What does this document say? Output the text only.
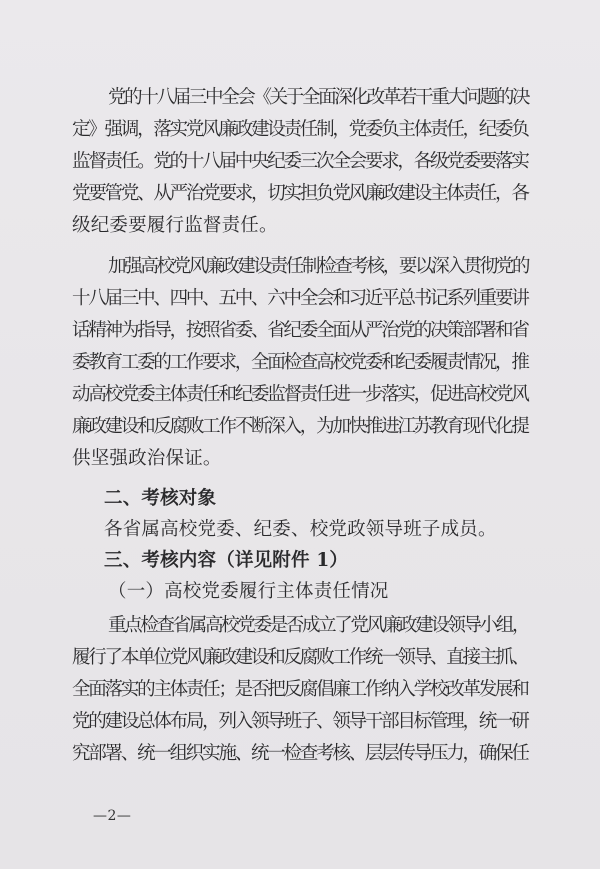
党的十八届三中全会《关于全面深化改革若干重大问题的决
定》强调，落实党风廉政建设责任制，党委负主体责任，纪委负
监督责任。党的十八届中央纪委三次全会要求，各级党委要落实
党要管党、从严治党要求，切实担负党风廉政建设主体责任，各
级纪委要履行监督责任。
加强高校党风廉政建设责任制检查考核，要以深入贯彻党的
十八届三中、四中、五中、六中全会和习近平总书记系列重要讲
话精神为指导，按照省委、省纪委全面从严治党的决策部署和省
委教育工委的工作要求，全面检查高校党委和纪委履责情况，推
动高校党委主体责任和纪委监督责任进一步落实，促进高校党风
廉政建设和反腐败工作不断深入，为加快推进江苏教育现代化提
供坚强政治保证。
二、考核对象
各省属高校党委、纪委、校党政领导班子成员。
三、考核内容（详见附件 1）
（一）高校党委履行主体责任情况
重点检查省属高校党委是否成立了党风廉政建设领导小组，
履行了本单位党风廉政建设和反腐败工作统一领导、直接主抓、
全面落实的主体责任；是否把反腐倡廉工作纳入学校改革发展和
党的建设总体布局，列入领导班子、领导干部目标管理，统一研
究部署、统一组织实施、统一检查考核、层层传导压力，确保任
—2—
